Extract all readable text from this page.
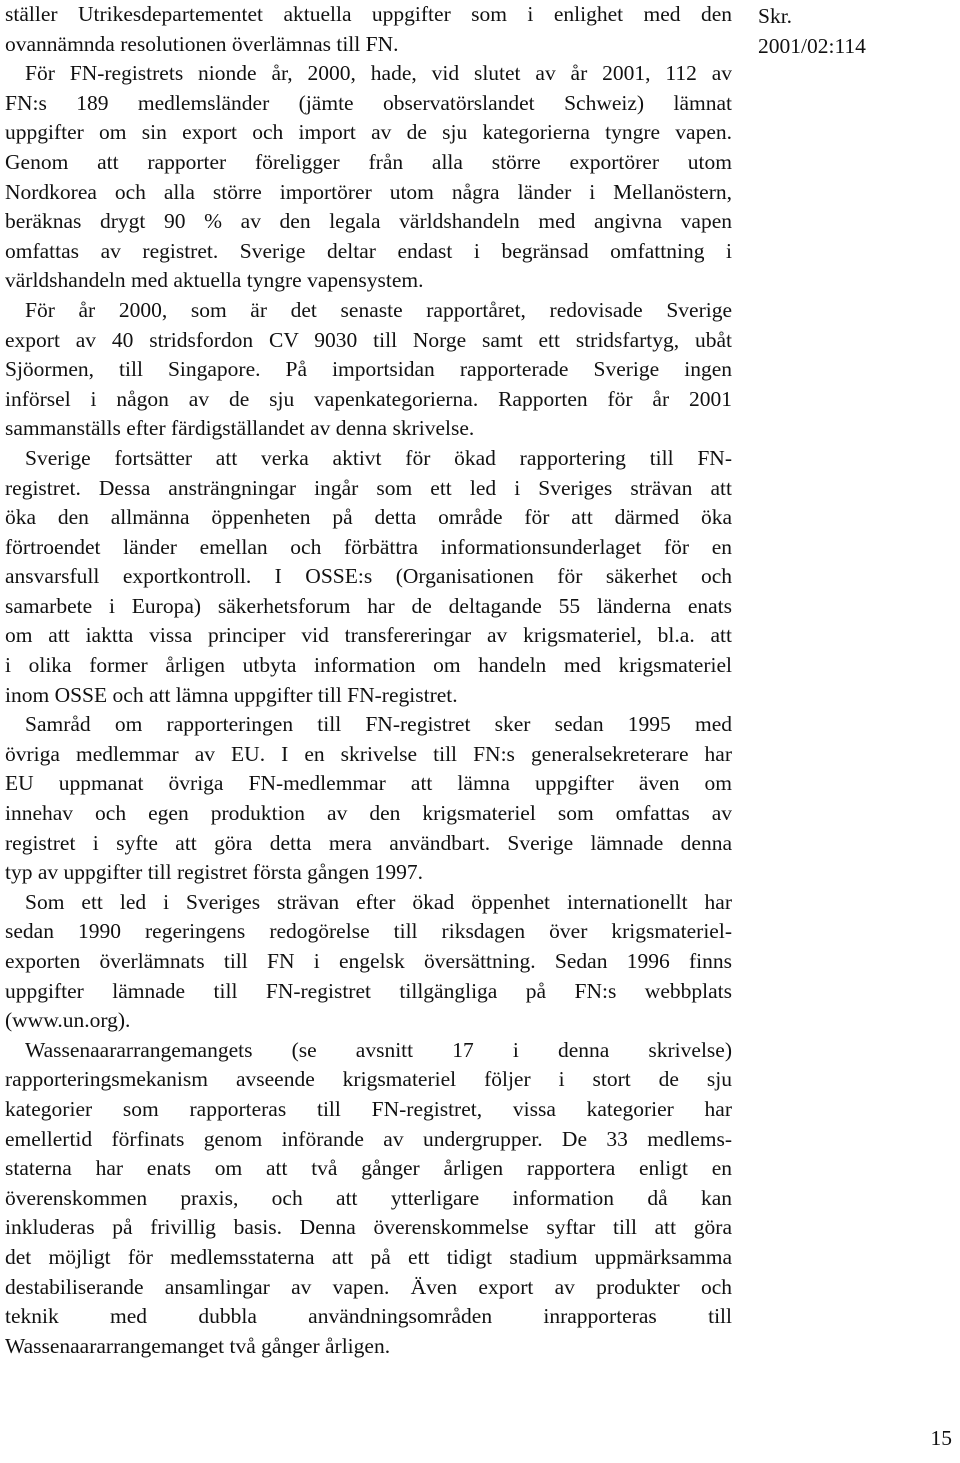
ställer Utrikesdepartementet aktuella uppgifter som i enlighet med den
ovannämnda resolutionen överlämnas till FN.
För FN-registrets nionde år, 2000, hade, vid slutet av år 2001, 112 av
FN:s 189 medlemsländer (jämte observatörslandet Schweiz) lämnat
uppgifter om sin export och import av de sju kategorierna tyngre vapen.
Genom att rapporter föreligger från alla större exportörer utom
Nordkorea och alla större importörer utom några länder i Mellanöstern,
beräknas drygt 90 % av den legala världshandeln med angivna vapen
omfattas av registret. Sverige deltar endast i begränsad omfattning i
världshandeln med aktuella tyngre vapensystem.
För år 2000, som är det senaste rapportåret, redovisade Sverige
export av 40 stridsfordon CV 9030 till Norge samt ett stridsfartyg, ubåt
Sjöormen, till Singapore. På importsidan rapporterade Sverige ingen
införsel i någon av de sju vapenkategorierna. Rapporten för år 2001
sammanställs efter färdigställandet av denna skrivelse.
Sverige fortsätter att verka aktivt för ökad rapportering till FN-
registret. Dessa ansträngningar ingår som ett led i Sveriges strävan att
öka den allmänna öppenheten på detta område för att därmed öka
förtroendet länder emellan och förbättra informationsunderlaget för en
ansvarsfull exportkontroll. I OSSE:s (Organisationen för säkerhet och
samarbete i Europa) säkerhetsforum har de deltagande 55 länderna enats
om att iaktta vissa principer vid transfereringar av krigsmateriel, bl.a. att
i olika former årligen utbyta information om handeln med krigsmateriel
inom OSSE och att lämna uppgifter till FN-registret.
Samråd om rapporteringen till FN-registret sker sedan 1995 med
övriga medlemmar av EU. I en skrivelse till FN:s generalsekreterare har
EU uppmanat övriga FN-medlemmar att lämna uppgifter även om
innehav och egen produktion av den krigsmateriel som omfattas av
registret i syfte att göra detta mera användbart. Sverige lämnade denna
typ av uppgifter till registret första gången 1997.
Som ett led i Sveriges strävan efter ökad öppenhet internationellt har
sedan 1990 regeringens redogörelse till riksdagen över krigsmateriel-
exporten överlämnats till FN i engelsk översättning. Sedan 1996 finns
uppgifter lämnade till FN-registret tillgängliga på FN:s webbplats
(www.un.org).
Wassenaararrangemangets (se avsnitt 17 i denna skrivelse)
rapporteringsmekanism avseende krigsmateriel följer i stort de sju
kategorier som rapporteras till FN-registret, vissa kategorier har
emellertid förfinats genom införande av undergrupper. De 33 medlems-
staterna har enats om att två gånger årligen rapportera enligt en
överenskommen praxis, och att ytterligare information då kan
inkluderas på frivillig basis. Denna överenskommelse syftar till att göra
det möjligt för medlemsstaterna att på ett tidigt stadium uppmärksamma
destabiliserande ansamlingar av vapen. Även export av produkter och
teknik med dubbla användningsområden inrapporteras till
Wassenaararrangemanget två gånger årligen.
Skr.
2001/02:114
15
